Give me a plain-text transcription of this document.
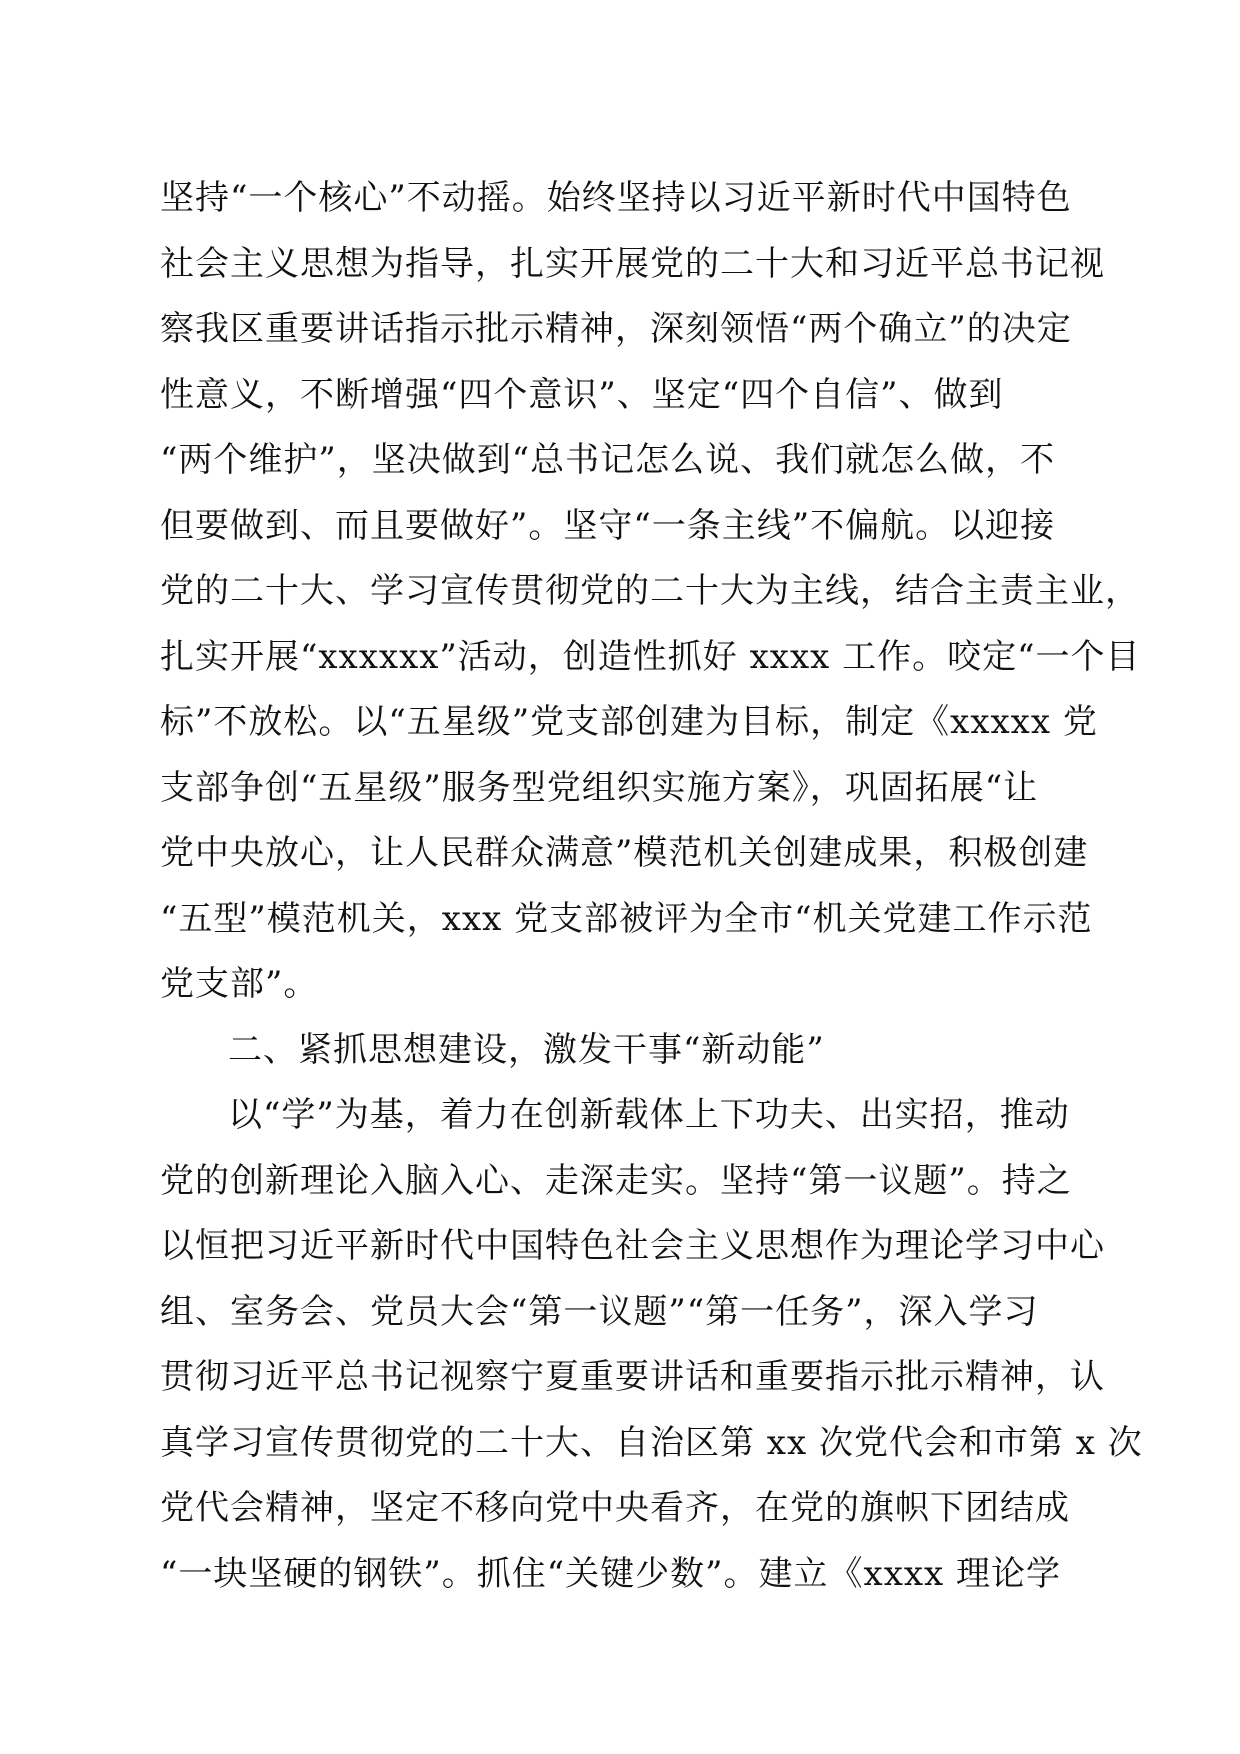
坚持“一个核心”不动摇。始终坚持以习近平新时代中国特色
社会主义思想为指导，扎实开展党的二十大和习近平总书记视
察我区重要讲话指示批示精神，深刻领悟“两个确立”的决定
性意义，不断增强“四个意识”、坚定“四个自信”、做到
“两个维护”，坚决做到“总书记怎么说、我们就怎么做，不
但要做到、而且要做好”。坚守“一条主线”不偏航。以迎接
党的二十大、学习宣传贯彻党的二十大为主线，结合主责主业，
扎实开展“xxxxxx”活动，创造性抓好 xxxx 工作。咬定“一个目
标”不放松。以“五星级”党支部创建为目标，制定《xxxxx 党
支部争创“五星级”服务型党组织实施方案》，巩固拓展“让
党中央放心，让人民群众满意”模范机关创建成果，积极创建
“五型”模范机关，xxx 党支部被评为全市“机关党建工作示范
党支部”。
二、紧抓思想建设，激发干事“新动能”
以“学”为基，着力在创新载体上下功夫、出实招，推动
党的创新理论入脑入心、走深走实。坚持“第一议题”。持之
以恒把习近平新时代中国特色社会主义思想作为理论学习中心
组、室务会、党员大会“第一议题”“第一任务”，深入学习
贯彻习近平总书记视察宁夏重要讲话和重要指示批示精神，认
真学习宣传贯彻党的二十大、自治区第 xx 次党代会和市第 x 次
党代会精神，坚定不移向党中央看齐，在党的旗帜下团结成
“一块坚硬的钢铁”。抓住“关键少数”。建立《xxxx 理论学
